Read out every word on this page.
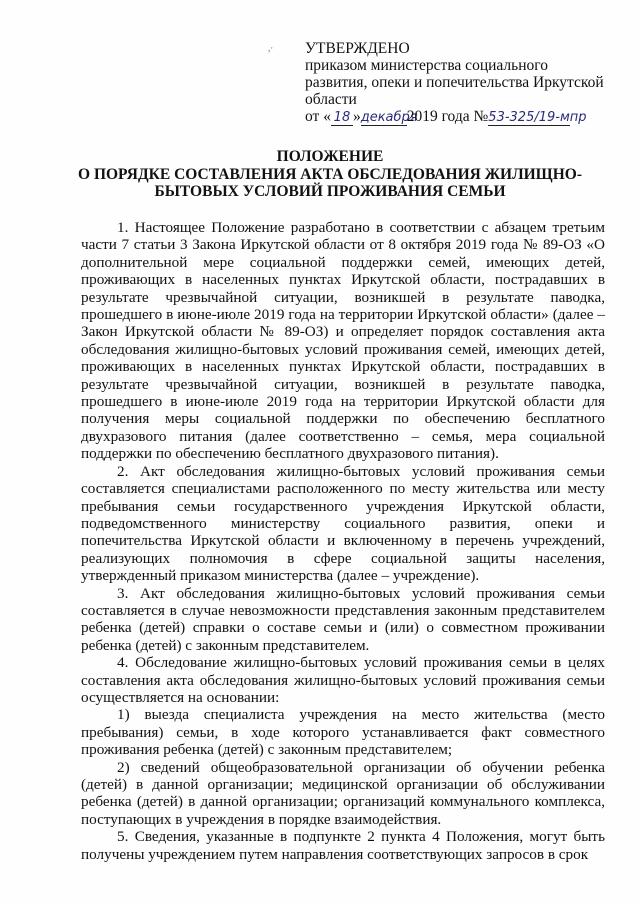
,· УТВЕРЖДЕНО
приказом министерства социального
развития, опеки и попечительства Иркутской
области
от « 18 »декабря2019 года №53-325/19-мпр
ПОЛОЖЕНИЕ
О ПОРЯДКЕ СОСТАВЛЕНИЯ АКТА ОБСЛЕДОВАНИЯ ЖИЛИЩНО-
БЫТОВЫХ УСЛОВИЙ ПРОЖИВАНИЯ СЕМЬИ

1. Настоящее Положение разработано в соответствии с абзацем третьим части 7 статьи 3 Закона Иркутской области от 8 октября 2019 года № 89-ОЗ «О дополнительной мере социальной поддержки семей, имеющих детей, проживающих в населенных пунктах Иркутской области, пострадавших в результате чрезвычайной ситуации, возникшей в результате паводка, прошедшего в июне-июле 2019 года на территории Иркутской области» (далее – Закон Иркутской области № 89-ОЗ) и определяет порядок составления акта обследования жилищно-бытовых условий проживания семей, имеющих детей, проживающих в населенных пунктах Иркутской области, пострадавших в результате чрезвычайной ситуации, возникшей в результате паводка, прошедшего в июне-июле 2019 года на территории Иркутской области для получения меры социальной поддержки по обеспечению бесплатного двухразового питания (далее соответственно – семья, мера социальной поддержки по обеспечению бесплатного двухразового питания).

2. Акт обследования жилищно-бытовых условий проживания семьи составляется специалистами расположенного по месту жительства или месту пребывания семьи государственного учреждения Иркутской области, подведомственного министерству социального развития, опеки и попечительства Иркутской области и включенному в перечень учреждений, реализующих полномочия в сфере социальной защиты населения, утвержденный приказом министерства (далее – учреждение).

3. Акт обследования жилищно-бытовых условий проживания семьи составляется в случае невозможности представления законным представителем ребенка (детей) справки о составе семьи и (или) о совместном проживании ребенка (детей) с законным представителем.

4. Обследование жилищно-бытовых условий проживания семьи в целях составления акта обследования жилищно-бытовых условий проживания семьи осуществляется на основании:

1) выезда специалиста учреждения на место жительства (место пребывания) семьи, в ходе которого устанавливается факт совместного проживания ребенка (детей) с законным представителем;

2) сведений общеобразовательной организации об обучении ребенка (детей) в данной организации; медицинской организации об обслуживании ребенка (детей) в данной организации; организаций коммунального комплекса, поступающих в учреждения в порядке взаимодействия.

5. Сведения, указанные в подпункте 2 пункта 4 Положения, могут быть получены учреждением путем направления соответствующих запросов в срок
